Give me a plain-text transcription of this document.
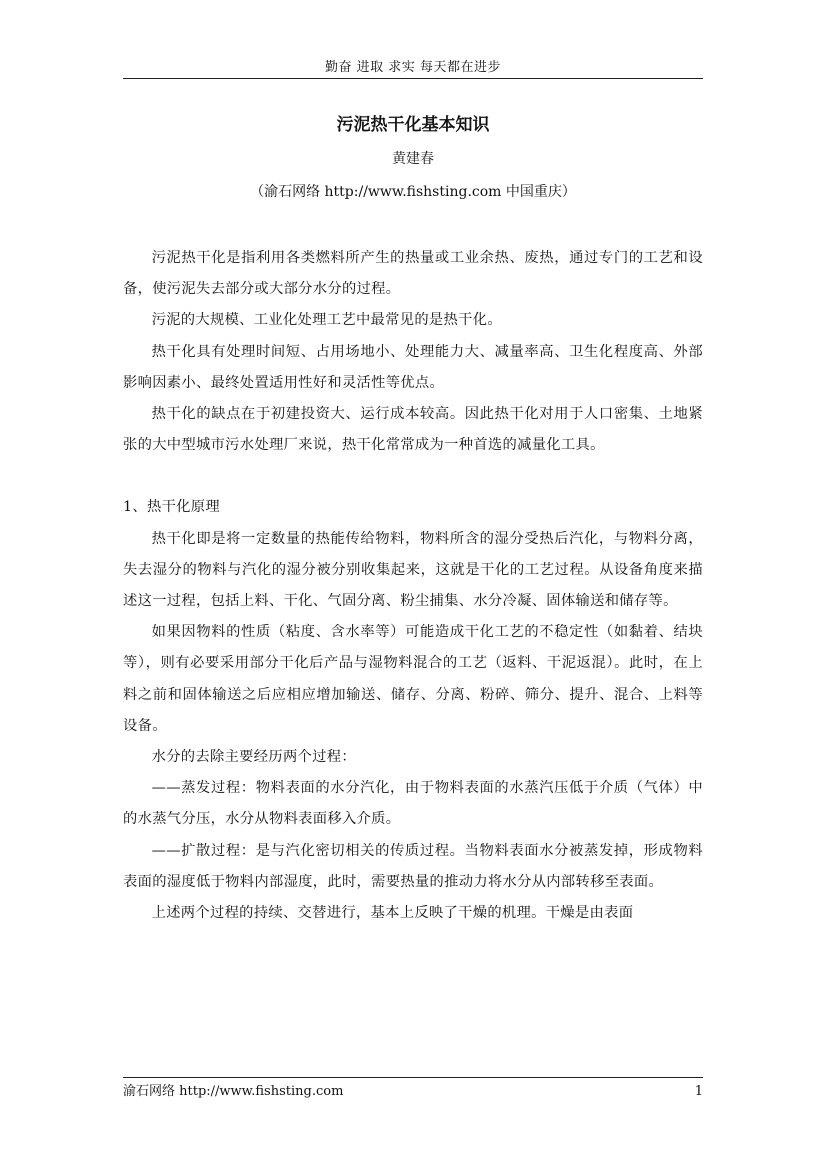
勤奋 进取 求实 每天都在进步
污泥热干化基本知识
黄建春
（渝石网络 http://www.fishsting.com 中国重庆）

污泥热干化是指利用各类燃料所产生的热量或工业余热、废热，通过专门的工艺和设备，使污泥失去部分或大部分水分的过程。

污泥的大规模、工业化处理工艺中最常见的是热干化。

热干化具有处理时间短、占用场地小、处理能力大、减量率高、卫生化程度高、外部影响因素小、最终处置适用性好和灵活性等优点。

热干化的缺点在于初建投资大、运行成本较高。因此热干化对用于人口密集、土地紧张的大中型城市污水处理厂来说，热干化常常成为一种首选的减量化工具。

1、热干化原理

热干化即是将一定数量的热能传给物料，物料所含的湿分受热后汽化，与物料分离，失去湿分的物料与汽化的湿分被分别收集起来，这就是干化的工艺过程。从设备角度来描述这一过程，包括上料、干化、气固分离、粉尘捕集、水分冷凝、固体输送和储存等。

如果因物料的性质（粘度、含水率等）可能造成干化工艺的不稳定性（如黏着、结块等），则有必要采用部分干化后产品与湿物料混合的工艺（返料、干泥返混）。此时，在上料之前和固体输送之后应相应增加输送、储存、分离、粉碎、筛分、提升、混合、上料等设备。

水分的去除主要经历两个过程：

——蒸发过程：物料表面的水分汽化，由于物料表面的水蒸汽压低于介质（气体）中的水蒸气分压，水分从物料表面移入介质。

——扩散过程：是与汽化密切相关的传质过程。当物料表面水分被蒸发掉，形成物料表面的湿度低于物料内部湿度，此时，需要热量的推动力将水分从内部转移至表面。

上述两个过程的持续、交替进行，基本上反映了干燥的机理。干燥是由表面

渝石网络 http://www.fishsting.com	1
